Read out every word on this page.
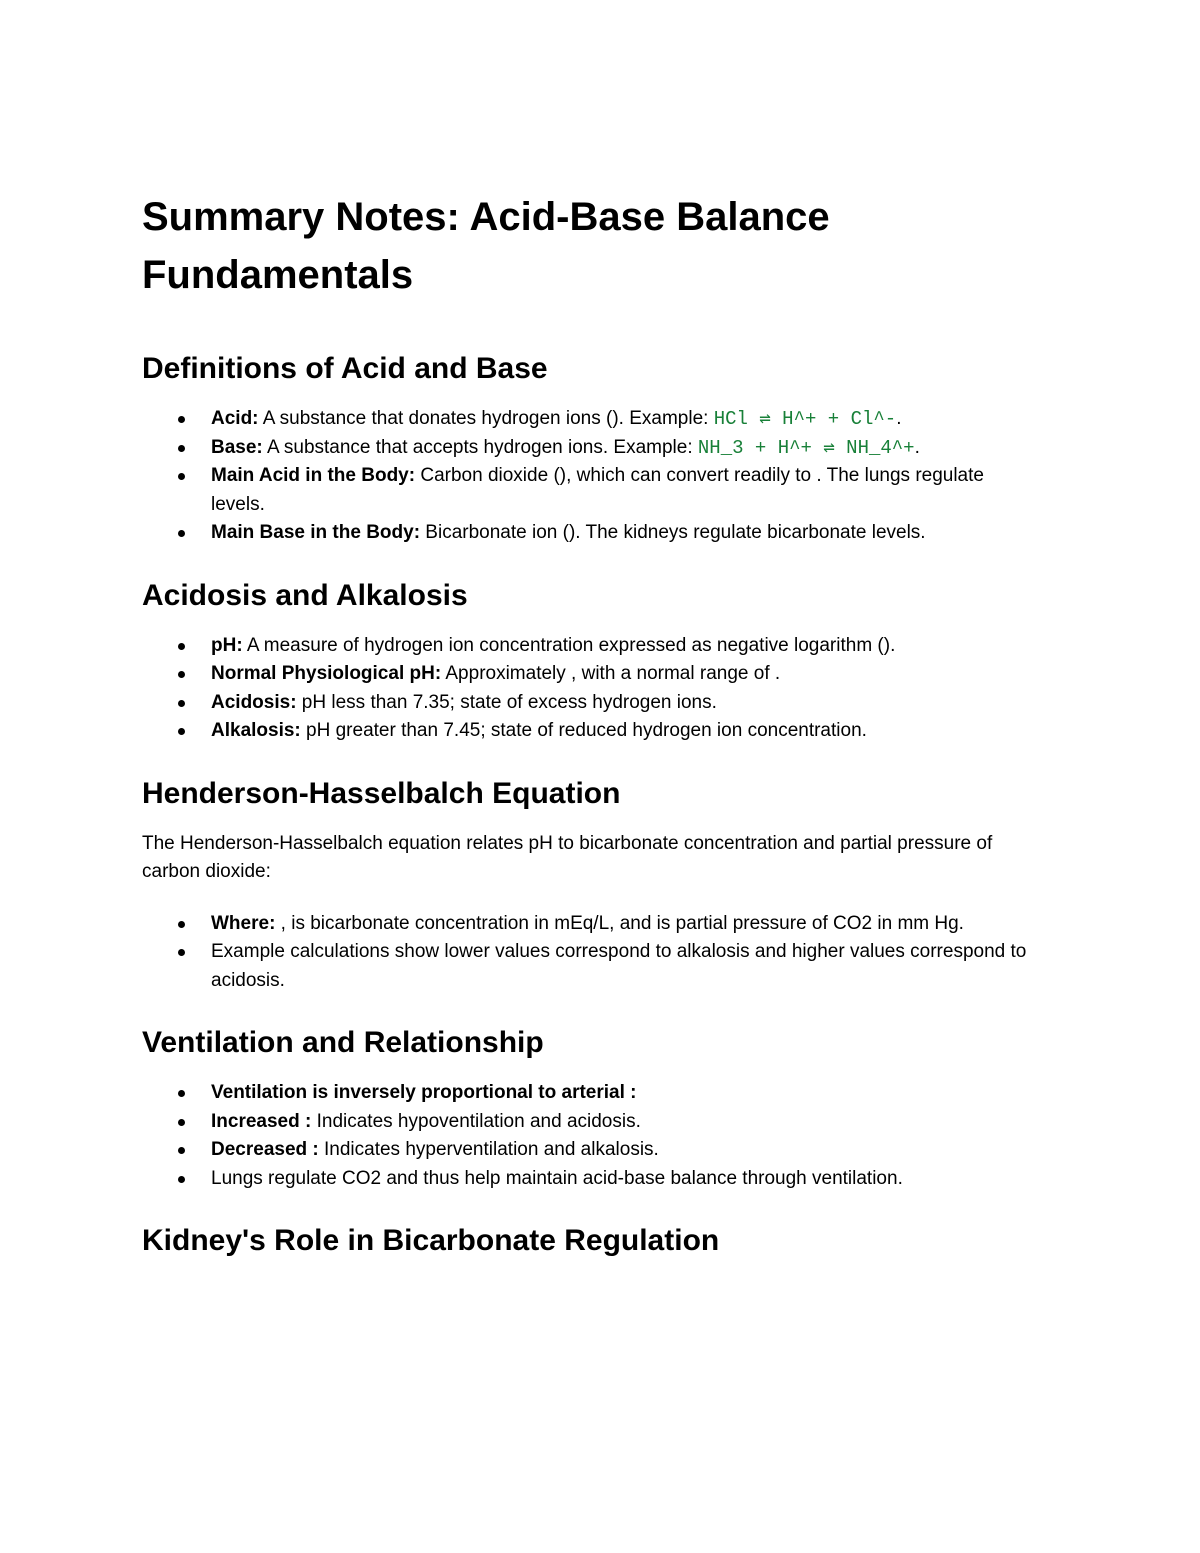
Summary Notes: Acid-Base Balance Fundamentals
Definitions of Acid and Base
Acid: A substance that donates hydrogen ions (). Example: HCl ⇌ H^+ + Cl^-.
Base: A substance that accepts hydrogen ions. Example: NH_3 + H^+ ⇌ NH_4^+.
Main Acid in the Body: Carbon dioxide (), which can convert readily to . The lungs regulate levels.
Main Base in the Body: Bicarbonate ion (). The kidneys regulate bicarbonate levels.
Acidosis and Alkalosis
pH: A measure of hydrogen ion concentration expressed as negative logarithm ().
Normal Physiological pH: Approximately , with a normal range of .
Acidosis: pH less than 7.35; state of excess hydrogen ions.
Alkalosis: pH greater than 7.45; state of reduced hydrogen ion concentration.
Henderson-Hasselbalch Equation

The Henderson-Hasselbalch equation relates pH to bicarbonate concentration and partial pressure of carbon dioxide:

Where: , is bicarbonate concentration in mEq/L, and is partial pressure of CO2 in mm Hg.
Example calculations show lower values correspond to alkalosis and higher values correspond to acidosis.
Ventilation and Relationship
Ventilation is inversely proportional to arterial :
Increased : Indicates hypoventilation and acidosis.
Decreased : Indicates hyperventilation and alkalosis.
Lungs regulate CO2 and thus help maintain acid-base balance through ventilation.
Kidney's Role in Bicarbonate Regulation
